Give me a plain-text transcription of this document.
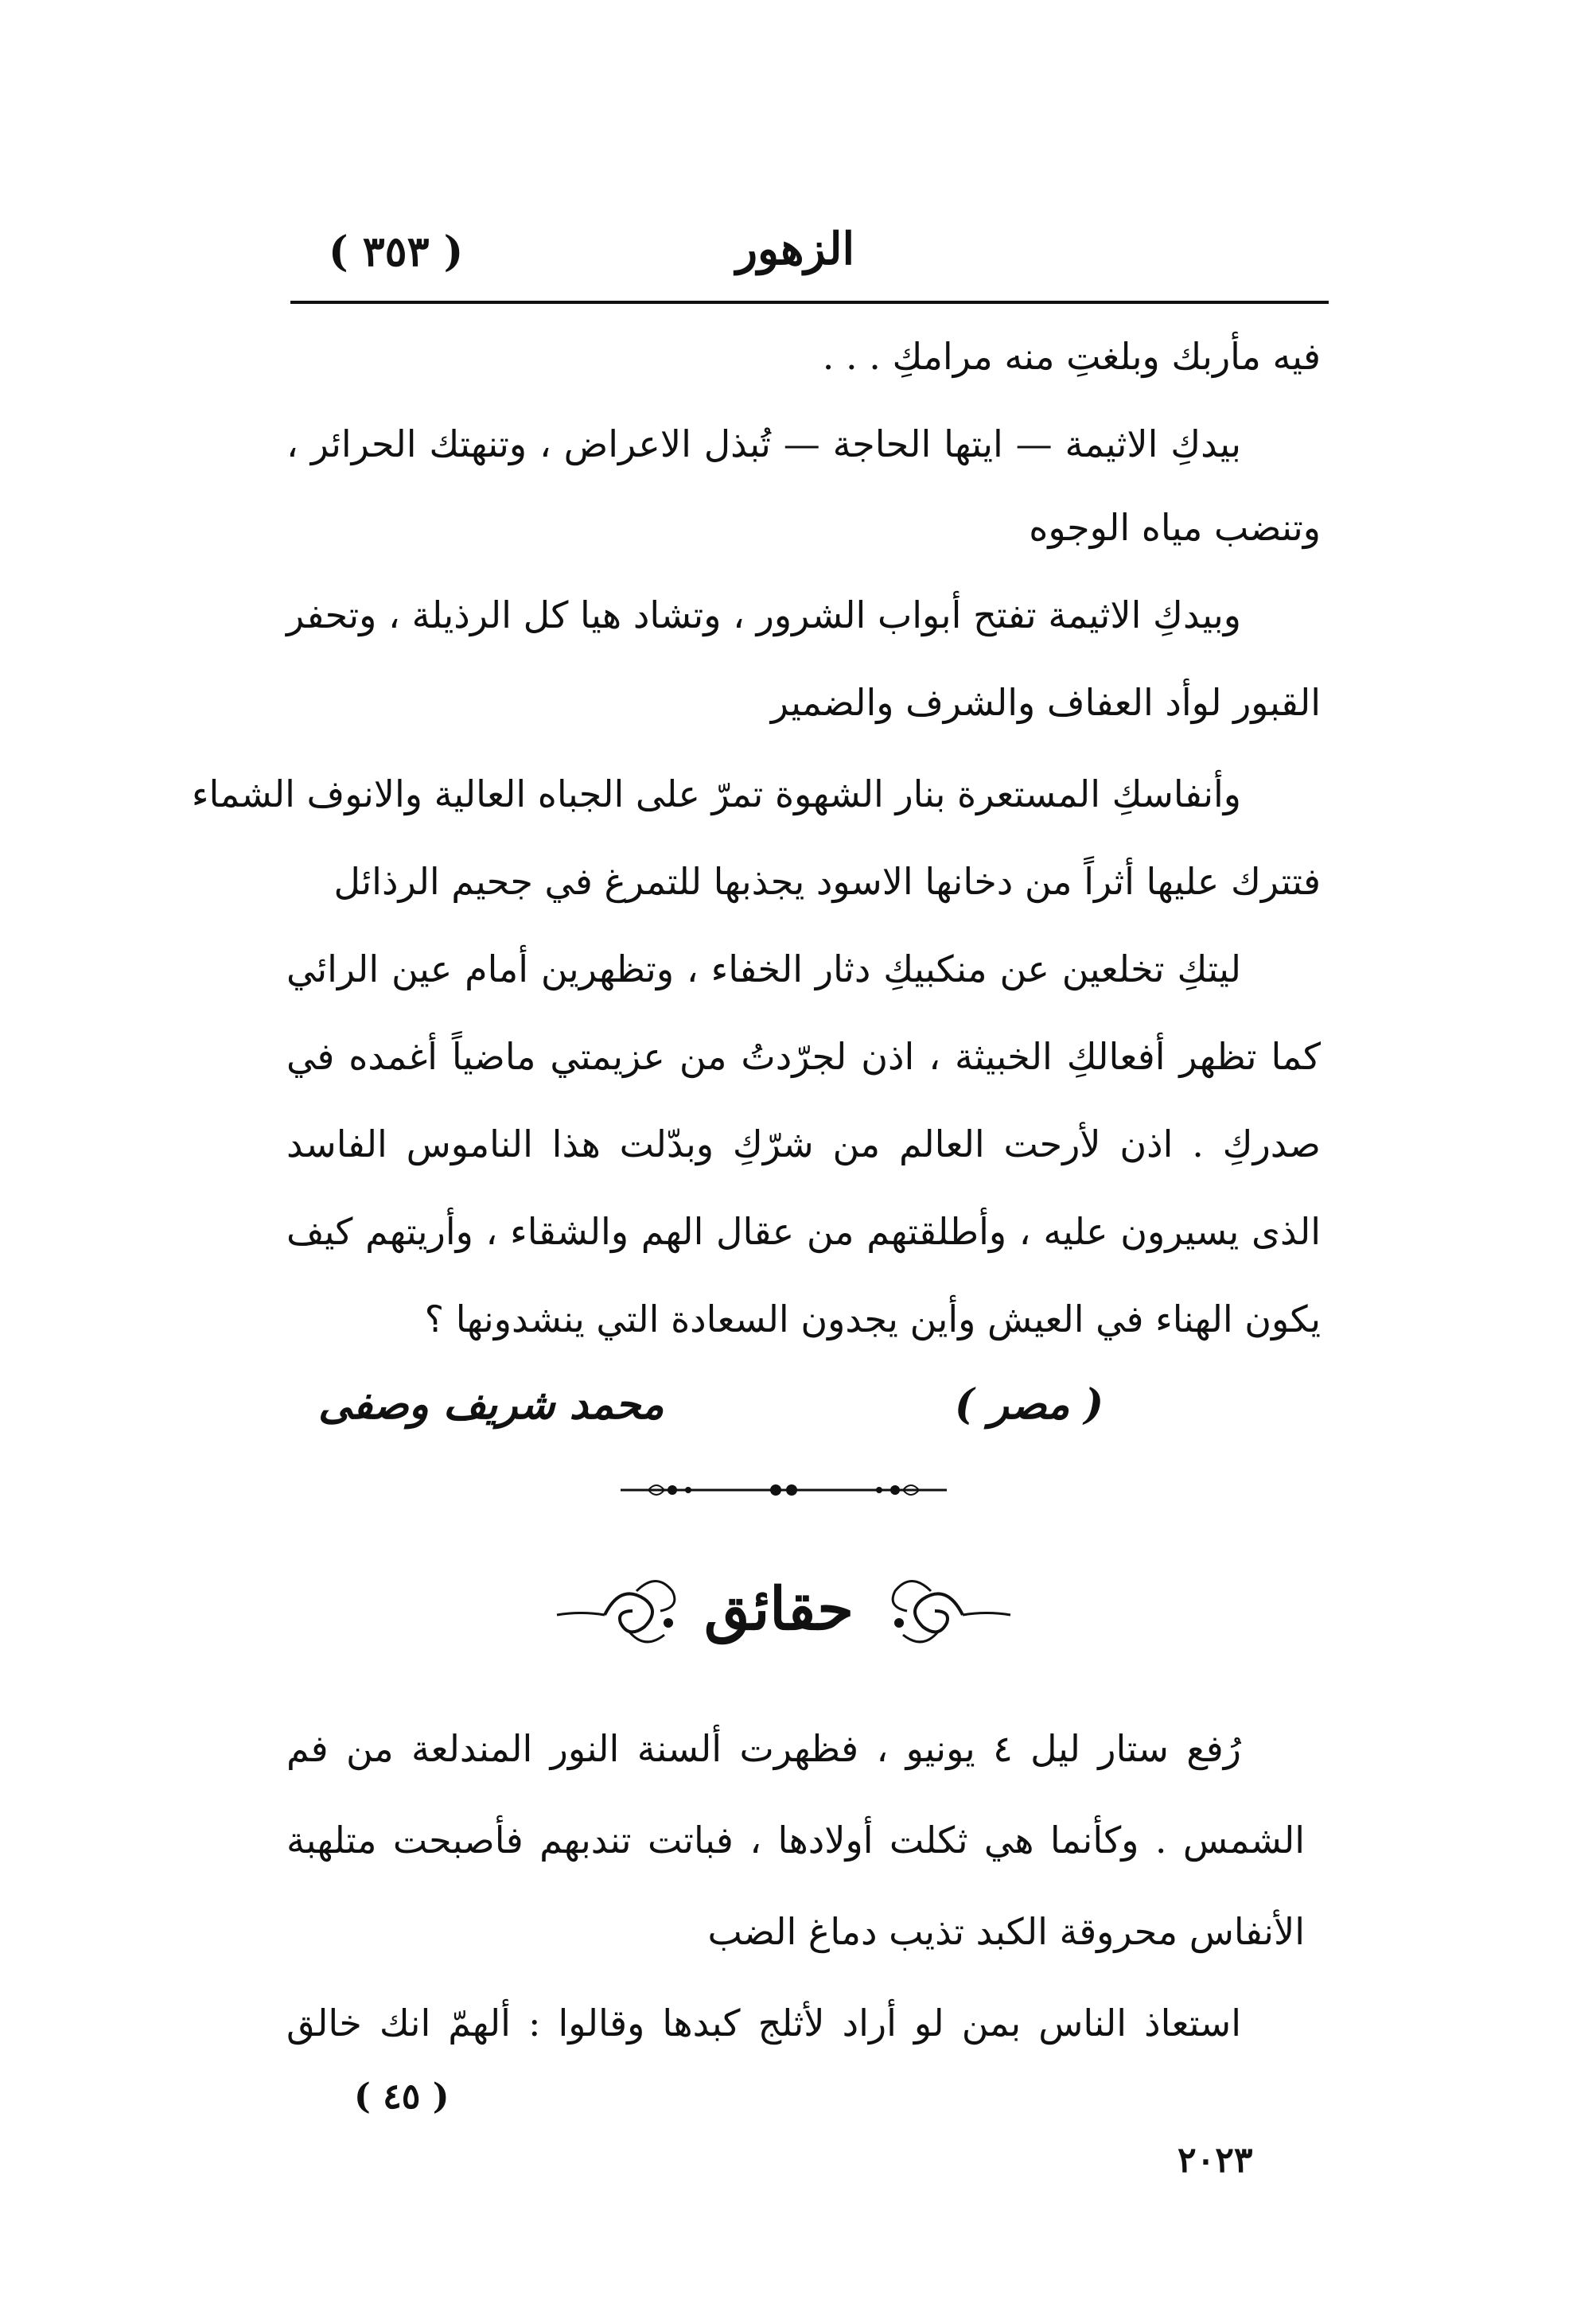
( ٣٥٣ )	الزهور
فيه مأربك وبلغتِ منه مرامكِ . . .
بيدكِ الاثيمة — ايتها الحاجة — تُبذل الاعراض ، وتنهتك الحرائر ،
وتنضب مياه الوجوه
وبيدكِ الاثيمة تفتح أبواب الشرور ، وتشاد هيا كل الرذيلة ، وتحفر
القبور لوأد العفاف والشرف والضمير
وأنفاسكِ المستعرة بنار الشهوة تمرّ على الجباه العالية والانوف الشماء
فتترك عليها أثراً من دخانها الاسود يجذبها للتمرغ في جحيم الرذائل
ليتكِ تخلعين عن منكبيكِ دثار الخفاء ، وتظهرين أمام عين الرائي
كما تظهر أفعالكِ الخبيثة ، اذن لجرّدتُ من عزيمتي ماضياً أغمده في
صدركِ . اذن لأرحت العالم من شرّكِ وبدّلت هذا الناموس الفاسد
الذى يسيرون عليه ، وأطلقتهم من عقال الهم والشقاء ، وأريتهم كيف
يكون الهناء في العيش وأين يجدون السعادة التي ينشدونها ؟
( مصر )
محمد شريف وصفى
حقائق
رُفع ستار ليل ٤ يونيو ، فظهرت ألسنة النور المندلعة من فم
الشمس . وكأنما هي ثكلت أولادها ، فباتت تندبهم فأصبحت متلهبة
الأنفاس محروقة الكبد تذيب دماغ الضب
استعاذ الناس بمن لو أراد لأثلج كبدها وقالوا : ألهمّ انك خالق
( ٤٥ )
٢٠٢٣
